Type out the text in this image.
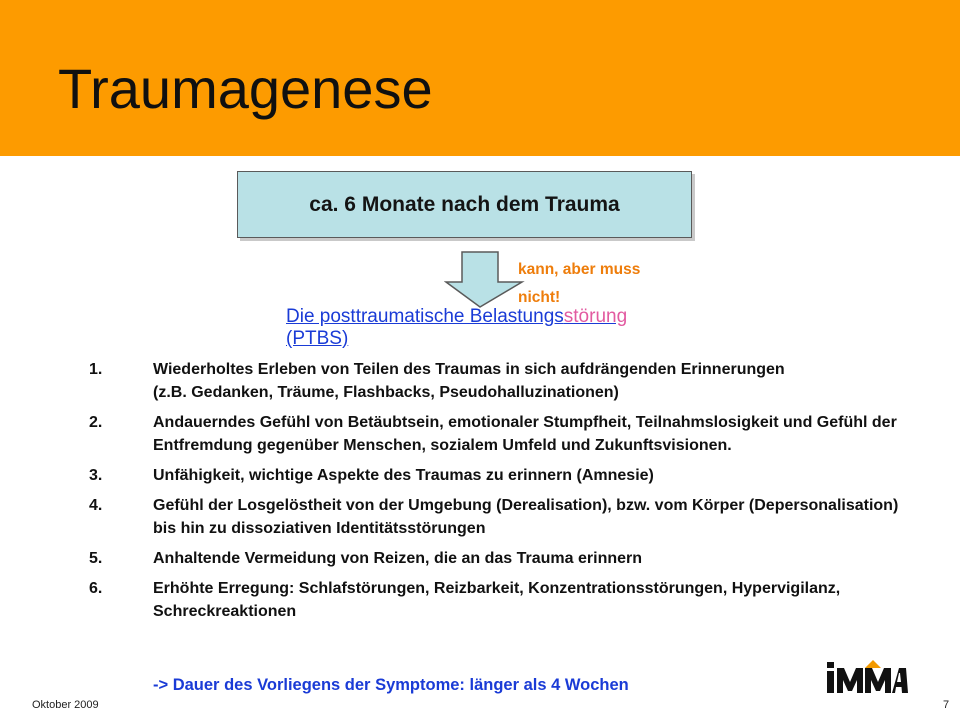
Traumagenese
ca. 6 Monate nach dem Trauma
kann, aber muss nicht!
Die posttraumatische Belastungsstörung
(PTBS)
1.	Wiederholtes Erleben von Teilen des Traumas in sich aufdrängenden Erinnerungen
(z.B. Gedanken, Träume, Flashbacks, Pseudohalluzinationen)
2.	Andauerndes Gefühl von Betäubtsein, emotionaler Stumpfheit, Teilnahmslosigkeit und Gefühl der Entfremdung gegenüber Menschen, sozialem Umfeld und Zukunftsvisionen.
3.	Unfähigkeit, wichtige Aspekte des Traumas zu erinnern (Amnesie)
4.	Gefühl der Losgelöstheit von der Umgebung (Derealisation), bzw. vom Körper (Depersonalisation) bis hin zu dissoziativen Identitätsstörungen
5.	Anhaltende Vermeidung von Reizen, die an das Trauma erinnern
6.	Erhöhte Erregung: Schlafstörungen, Reizbarkeit, Konzentrationsstörungen, Hypervigilanz, Schreckreaktionen
-> Dauer des Vorliegens der Symptome: länger als 4 Wochen
Oktober 2009	7
